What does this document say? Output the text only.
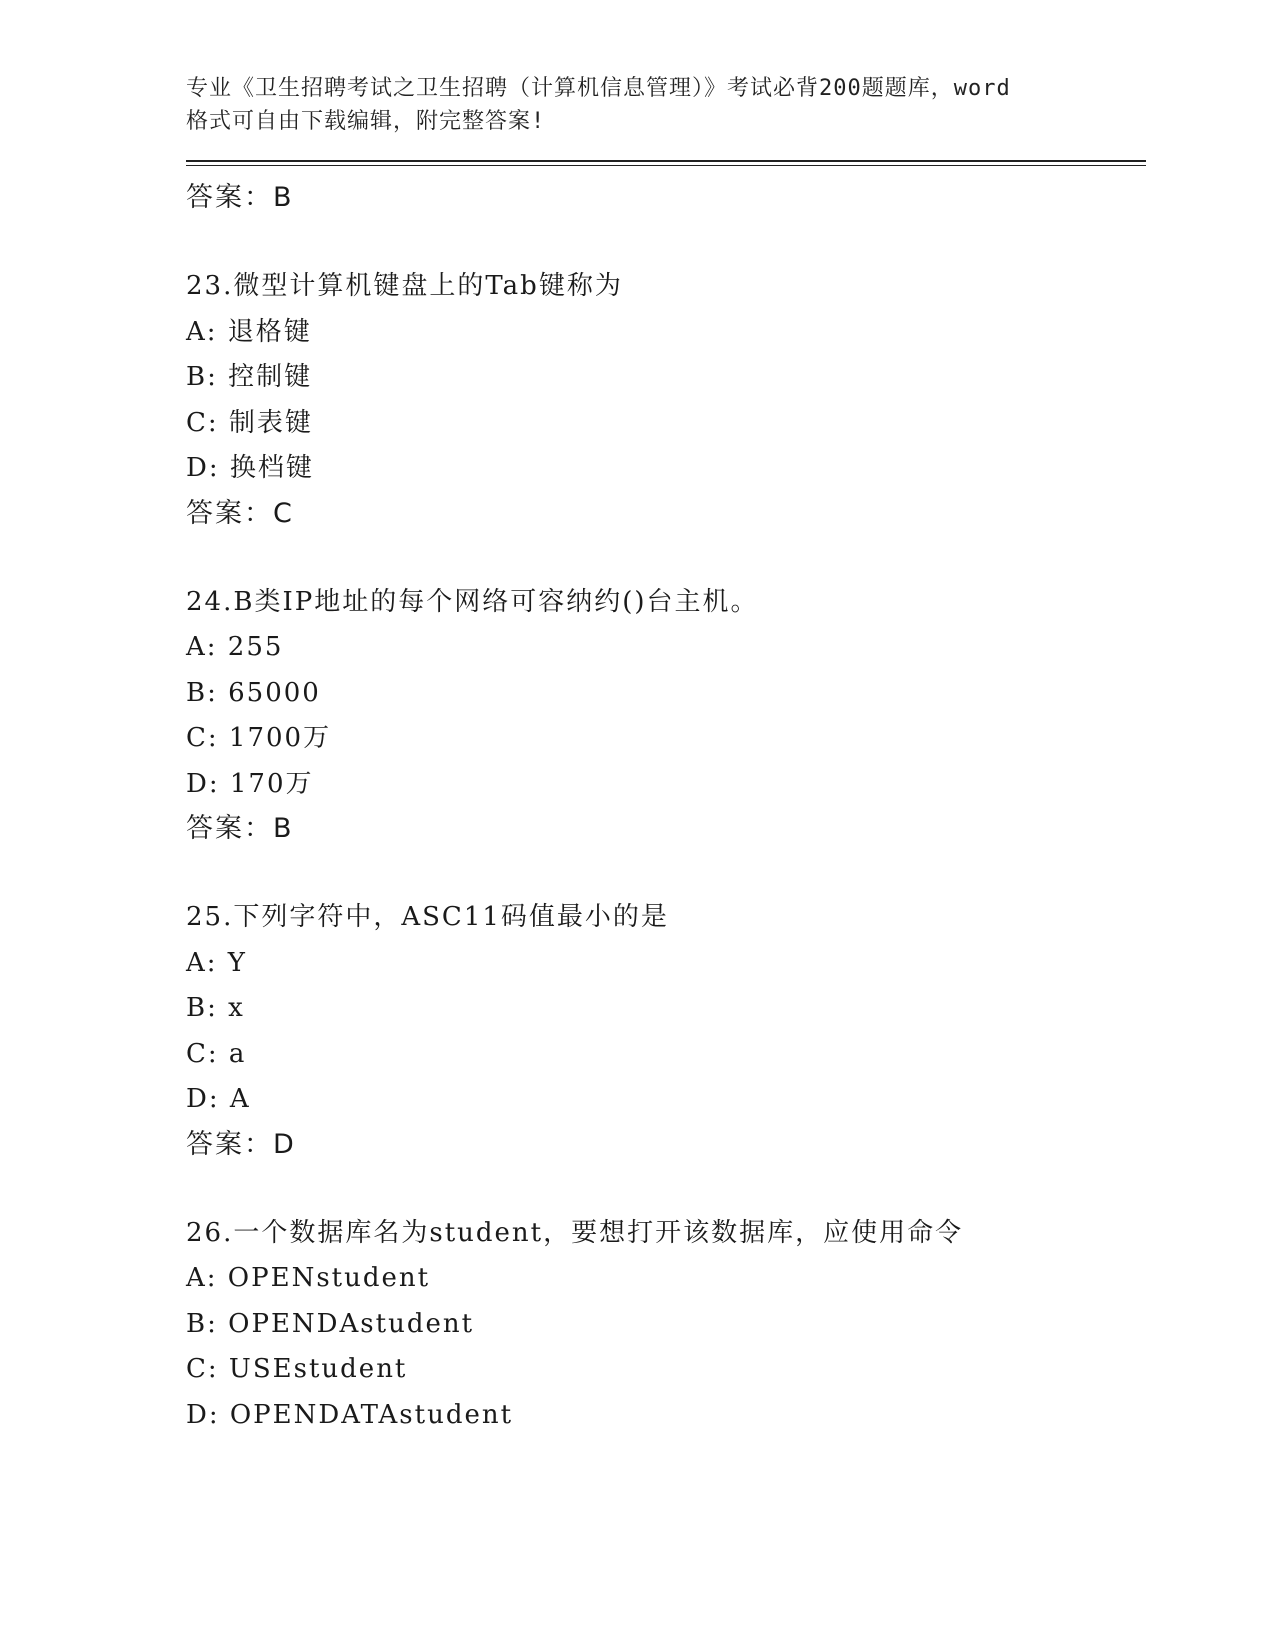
专业《卫生招聘考试之卫生招聘（计算机信息管理）》考试必背200题题库，word

格式可自由下载编辑，附完整答案!

答案：B

23.微型计算机键盘上的Tab键称为

A: 退格键

B: 控制键

C: 制表键

D: 换档键

答案：C

24.B类IP地址的每个网络可容纳约()台主机。

A: 255

B: 65000

C: 1700万

D: 170万

答案：B

25.下列字符中，ASC11码值最小的是

A: Y

B: x

C: a

D: A

答案：D

26.一个数据库名为student，要想打开该数据库，应使用命令

A: OPENstudent

B: OPENDAstudent

C: USEstudent

D: OPENDATAstudent
